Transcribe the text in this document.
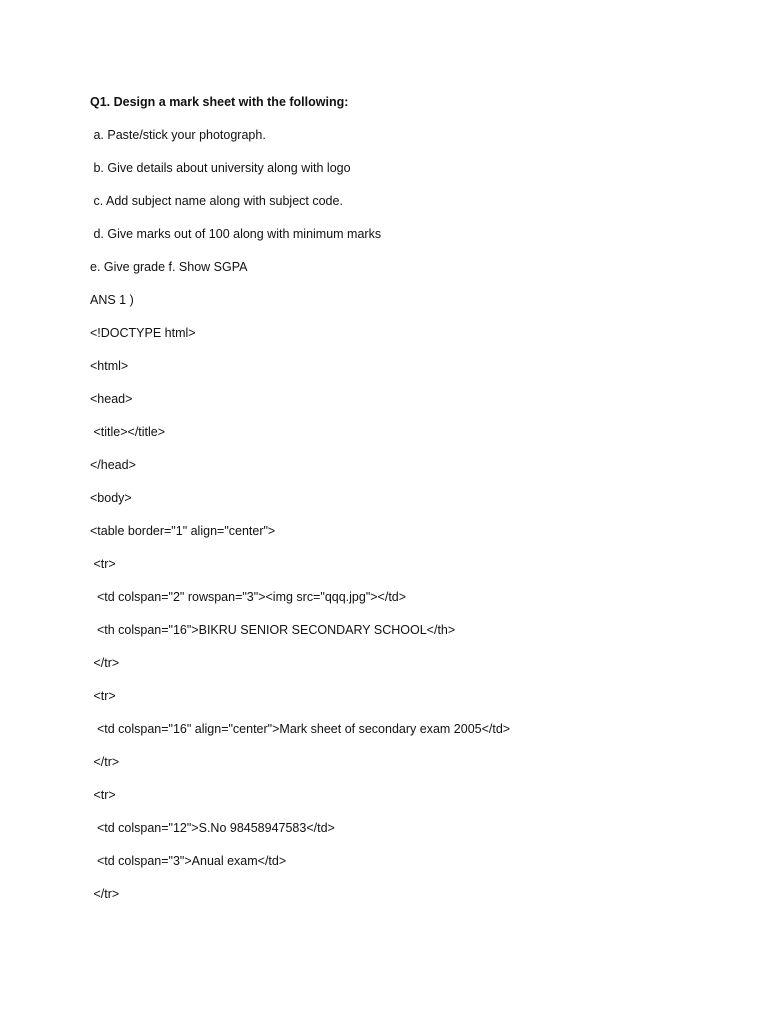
Q1. Design a mark sheet with the following:
a. Paste/stick your photograph.
b. Give details about university along with logo
c. Add subject name along with subject code.
d. Give marks out of 100 along with minimum marks
e. Give grade f. Show SGPA
ANS 1 )
<!DOCTYPE html>
<html>
<head>
<title></title>
</head>
<body>
<table border="1" align="center">
<tr>
<td colspan="2" rowspan="3"><img src="qqq.jpg"></td>
<th colspan="16">BIKRU SENIOR SECONDARY SCHOOL</th>
</tr>
<tr>
<td colspan="16" align="center">Mark sheet of secondary exam 2005</td>
</tr>
<tr>
<td colspan="12">S.No 98458947583</td>
<td colspan="3">Anual exam</td>
</tr>
